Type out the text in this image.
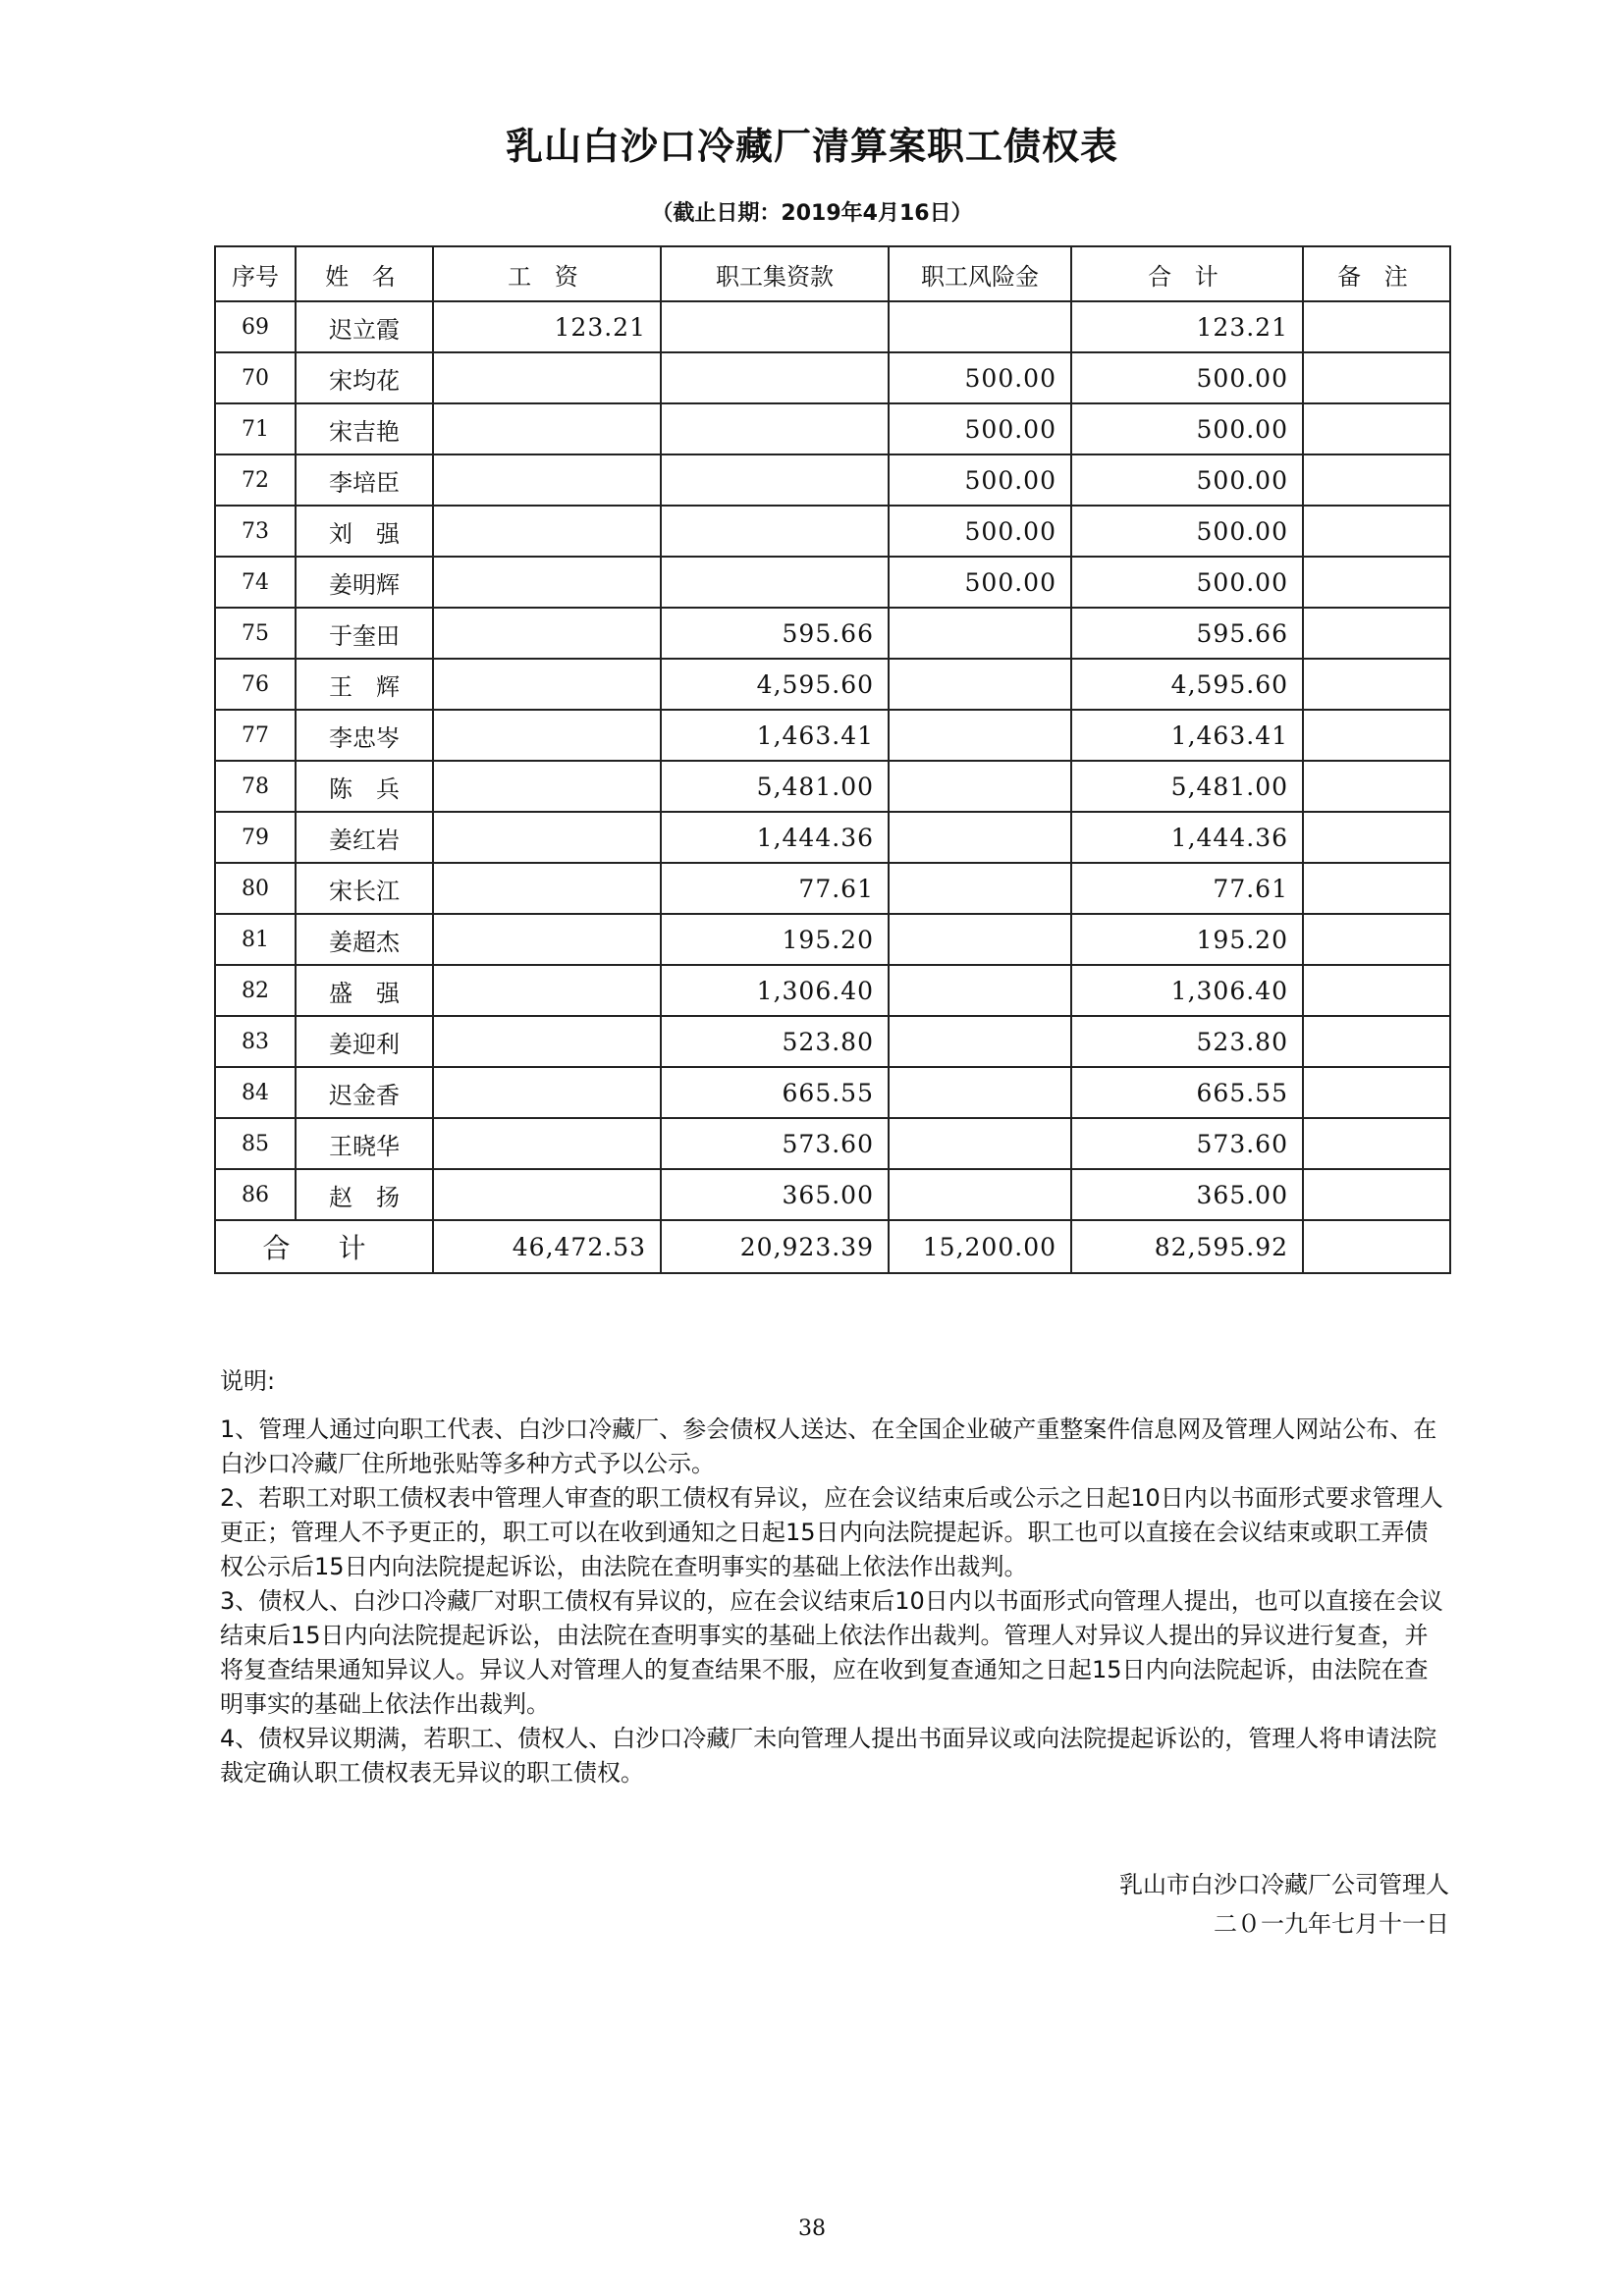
乳山白沙口冷藏厂清算案职工债权表
（截止日期：2019年4月16日）
序号	姓 名	工 资	职工集资款	职工风险金	合 计	备 注
69	迟立霞	123.21			123.21	
70	宋均花			500.00	500.00	
71	宋吉艳			500.00	500.00	
72	李培臣			500.00	500.00	
73	刘　强			500.00	500.00	
74	姜明辉			500.00	500.00	
75	于奎田		595.66		595.66	
76	王　辉		4,595.60		4,595.60	
77	李忠岑		1,463.41		1,463.41	
78	陈　兵		5,481.00		5,481.00	
79	姜红岩		1,444.36		1,444.36	
80	宋长江		77.61		77.61	
81	姜超杰		195.20		195.20	
82	盛　强		1,306.40		1,306.40	
83	姜迎利		523.80		523.80	
84	迟金香		665.55		665.55	
85	王晓华		573.60		573.60	
86	赵　扬		365.00		365.00	
合 计		46,472.53	20,923.39	15,200.00	82,595.92	

说明:

1、管理人通过向职工代表、白沙口冷藏厂、参会债权人送达、在全国企业破产重整案件信息网及管理人网站公布、在白沙口冷藏厂住所地张贴等多种方式予以公示。

2、若职工对职工债权表中管理人审查的职工债权有异议，应在会议结束后或公示之日起10日内以书面形式要求管理人更正；管理人不予更正的，职工可以在收到通知之日起15日内向法院提起诉。职工也可以直接在会议结束或职工弄债权公示后15日内向法院提起诉讼，由法院在查明事实的基础上依法作出裁判。

3、债权人、白沙口冷藏厂对职工债权有异议的，应在会议结束后10日内以书面形式向管理人提出，也可以直接在会议结束后15日内向法院提起诉讼，由法院在查明事实的基础上依法作出裁判。管理人对异议人提出的异议进行复查，并将复查结果通知异议人。异议人对管理人的复查结果不服，应在收到复查通知之日起15日内向法院起诉，由法院在查明事实的基础上依法作出裁判。

4、债权异议期满，若职工、债权人、白沙口冷藏厂未向管理人提出书面异议或向法院提起诉讼的，管理人将申请法院裁定确认职工债权表无异议的职工债权。

乳山市白沙口冷藏厂公司管理人
二０一九年七月十一日
38
